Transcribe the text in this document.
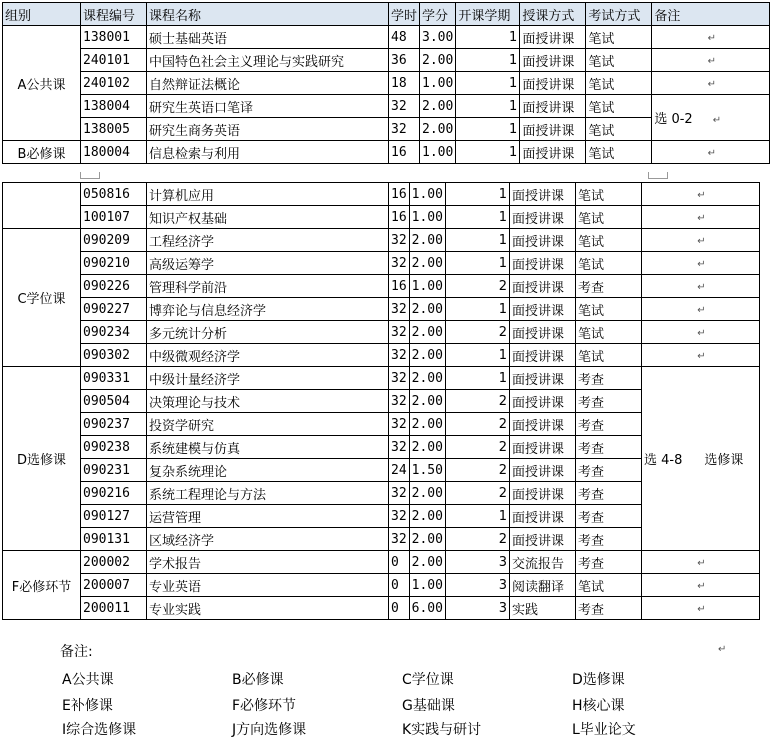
组别	课程编号	课程名称	学时	学分	开课学期	授课方式	考试方式	备注
A公共课	138001	硕士基础英语	48	3.00	1	面授讲课	笔试	↵
	240101	中国特色社会主义理论与实践研究	36	2.00	1	面授讲课	笔试	↵
	240102	自然辩证法概论	18	1.00	1	面授讲课	笔试	↵
	138004	研究生英语口笔译	32	2.00	1	面授讲课	笔试	选 0-2 ↵
	138005	研究生商务英语	32	2.00	1	面授讲课	笔试	
B必修课	180004	信息检索与利用	16	1.00	1	面授讲课	笔试	↵
	050816	计算机应用	16	1.00	1	面授讲课	笔试	↵
	100107	知识产权基础	16	1.00	1	面授讲课	笔试	↵
C学位课	090209	工程经济学	32	2.00	1	面授讲课	笔试	↵
	090210	高级运筹学	32	2.00	1	面授讲课	笔试	↵
	090226	管理科学前沿	16	1.00	2	面授讲课	考查	↵
	090227	博弈论与信息经济学	32	2.00	1	面授讲课	笔试	↵
	090234	多元统计分析	32	2.00	2	面授讲课	笔试	↵
	090302	中级微观经济学	32	2.00	1	面授讲课	笔试	↵
D选修课	090331	中级计量经济学	32	2.00	1	面授讲课	考查	选 4-8 选修课
	090504	决策理论与技术	32	2.00	2	面授讲课	考查	
	090237	投资学研究	32	2.00	2	面授讲课	考查	
	090238	系统建模与仿真	32	2.00	2	面授讲课	考查	
	090231	复杂系统理论	24	1.50	2	面授讲课	考查	
	090216	系统工程理论与方法	32	2.00	2	面授讲课	考查	
	090127	运营管理	32	2.00	1	面授讲课	考查	
	090131	区域经济学	32	2.00	2	面授讲课	考查	
F必修环节	200002	学术报告	0	2.00	3	交流报告	考查	↵
	200007	专业英语	0	1.00	3	阅读翻译	笔试	↵
	200011	专业实践	0	6.00	3	实践	考查	↵
备注:	↵
A公共课	B必修课	C学位课	D选修课
E补修课	F必修环节	G基础课	H核心课
I综合选修课	J方向选修课	K实践与研讨	L毕业论文
